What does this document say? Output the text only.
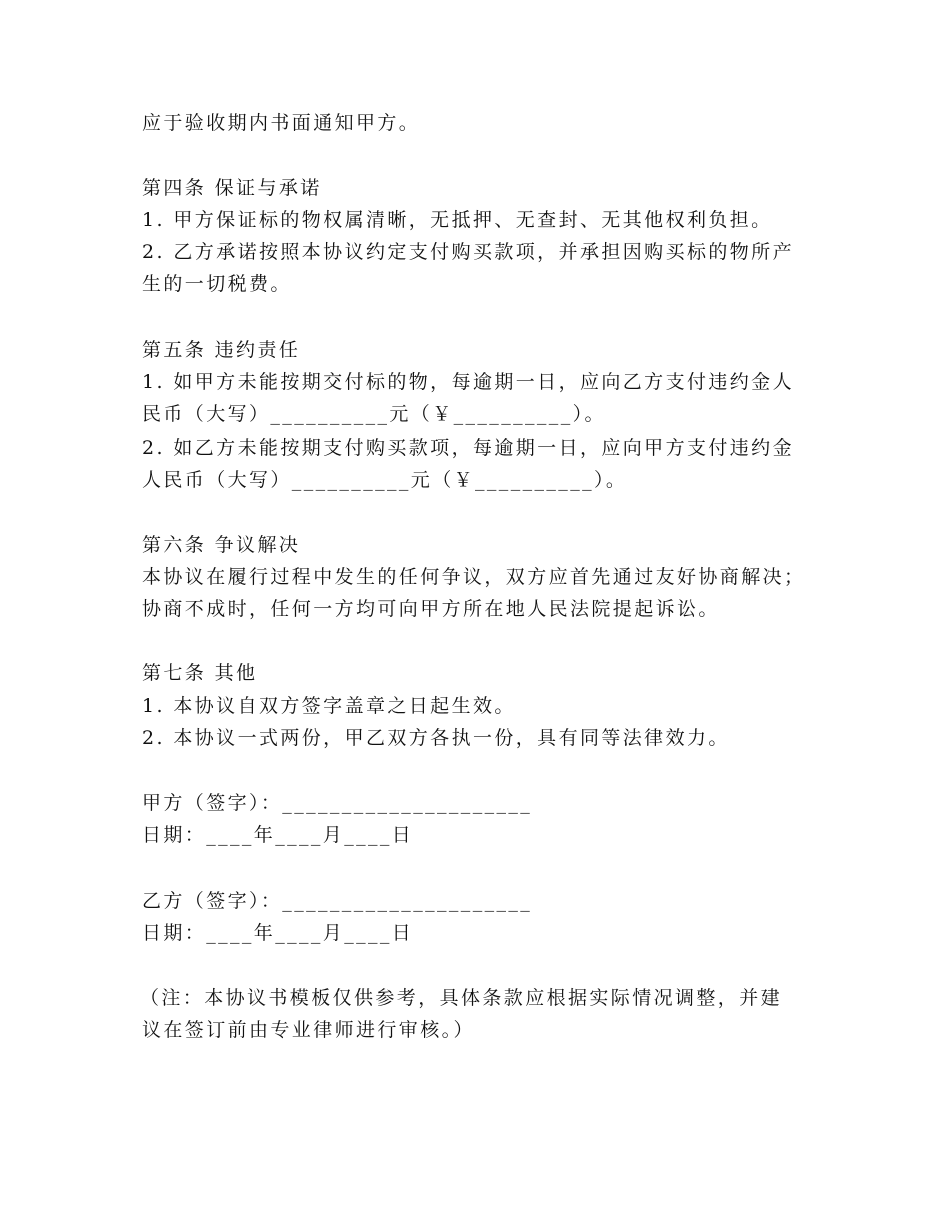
应于验收期内书面通知甲方。
第四条 保证与承诺
1. 甲方保证标的物权属清晰，无抵押、无查封、无其他权利负担。
2. 乙方承诺按照本协议约定支付购买款项，并承担因购买标的物所产
生的一切税费。
第五条 违约责任
1. 如甲方未能按期交付标的物，每逾期一日，应向乙方支付违约金人
民币（大写）__________元（￥__________）。
2. 如乙方未能按期支付购买款项，每逾期一日，应向甲方支付违约金
人民币（大写）__________元（￥__________）。
第六条 争议解决
本协议在履行过程中发生的任何争议，双方应首先通过友好协商解决；
协商不成时，任何一方均可向甲方所在地人民法院提起诉讼。
第七条 其他
1. 本协议自双方签字盖章之日起生效。
2. 本协议一式两份，甲乙双方各执一份，具有同等法律效力。
甲方（签字）：_____________________
日期：____年____月____日
乙方（签字）：_____________________
日期：____年____月____日
（注：本协议书模板仅供参考，具体条款应根据实际情况调整，并建
议在签订前由专业律师进行审核。）
